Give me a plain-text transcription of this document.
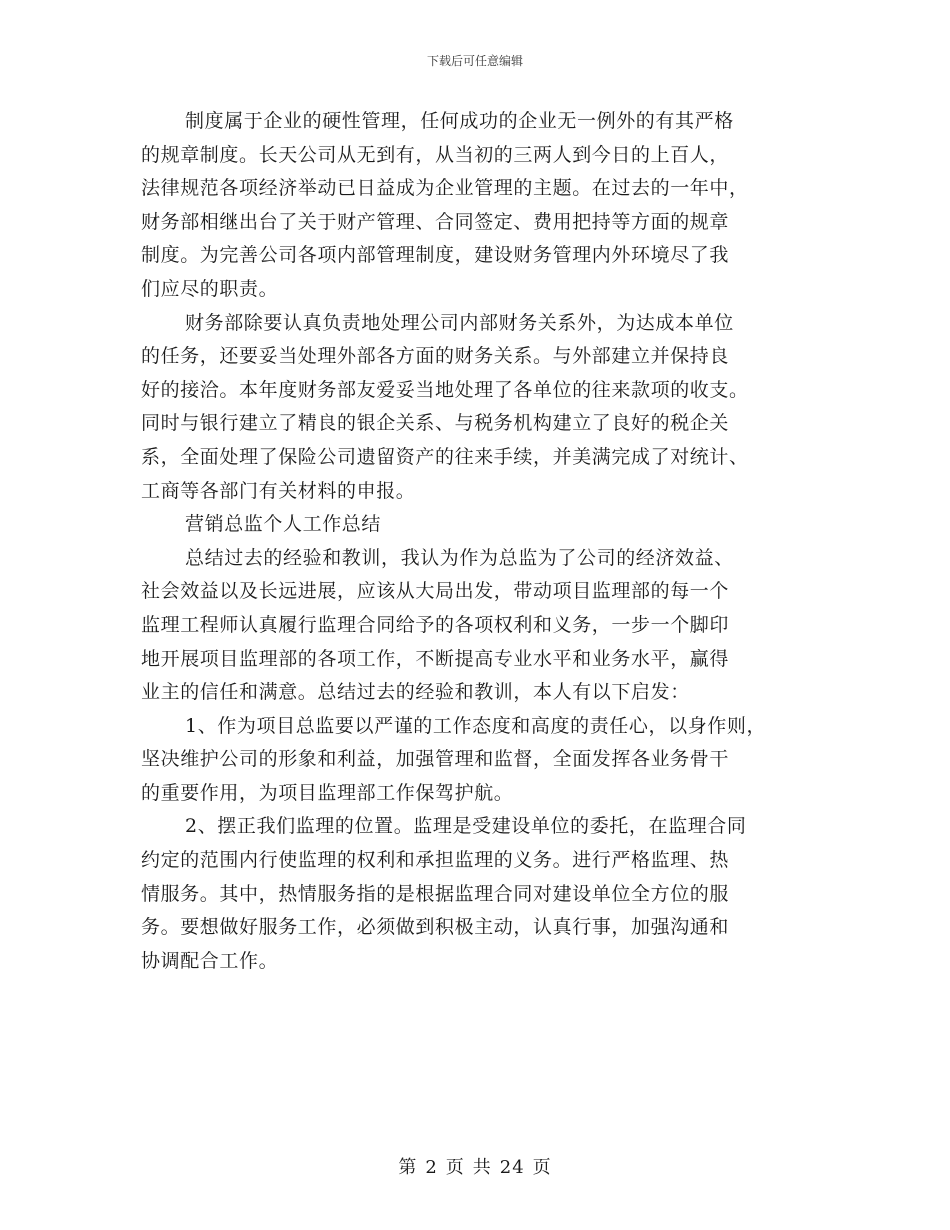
下载后可任意编辑

制度属于企业的硬性管理，任何成功的企业无一例外的有其严格
的规章制度。长天公司从无到有，从当初的三两人到今日的上百人，
法律规范各项经济举动已日益成为企业管理的主题。在过去的一年中，
财务部相继出台了关于财产管理、合同签定、费用把持等方面的规章
制度。为完善公司各项内部管理制度，建设财务管理内外环境尽了我
们应尽的职责。

财务部除要认真负责地处理公司内部财务关系外，为达成本单位
的任务，还要妥当处理外部各方面的财务关系。与外部建立并保持良
好的接洽。本年度财务部友爱妥当地处理了各单位的往来款项的收支。
同时与银行建立了精良的银企关系、与税务机构建立了良好的税企关
系，全面处理了保险公司遗留资产的往来手续，并美满完成了对统计、
工商等各部门有关材料的申报。

营销总监个人工作总结

总结过去的经验和教训，我认为作为总监为了公司的经济效益、
社会效益以及长远进展，应该从大局出发，带动项目监理部的每一个
监理工程师认真履行监理合同给予的各项权利和义务，一步一个脚印
地开展项目监理部的各项工作，不断提高专业水平和业务水平，赢得
业主的信任和满意。总结过去的经验和教训，本人有以下启发：

1、作为项目总监要以严谨的工作态度和高度的责任心，以身作则，
坚决维护公司的形象和利益，加强管理和监督，全面发挥各业务骨干
的重要作用，为项目监理部工作保驾护航。

2、摆正我们监理的位置。监理是受建设单位的委托，在监理合同
约定的范围内行使监理的权利和承担监理的义务。进行严格监理、热
情服务。其中，热情服务指的是根据监理合同对建设单位全方位的服
务。要想做好服务工作，必须做到积极主动，认真行事，加强沟通和
协调配合工作。

第 2 页 共 24 页
